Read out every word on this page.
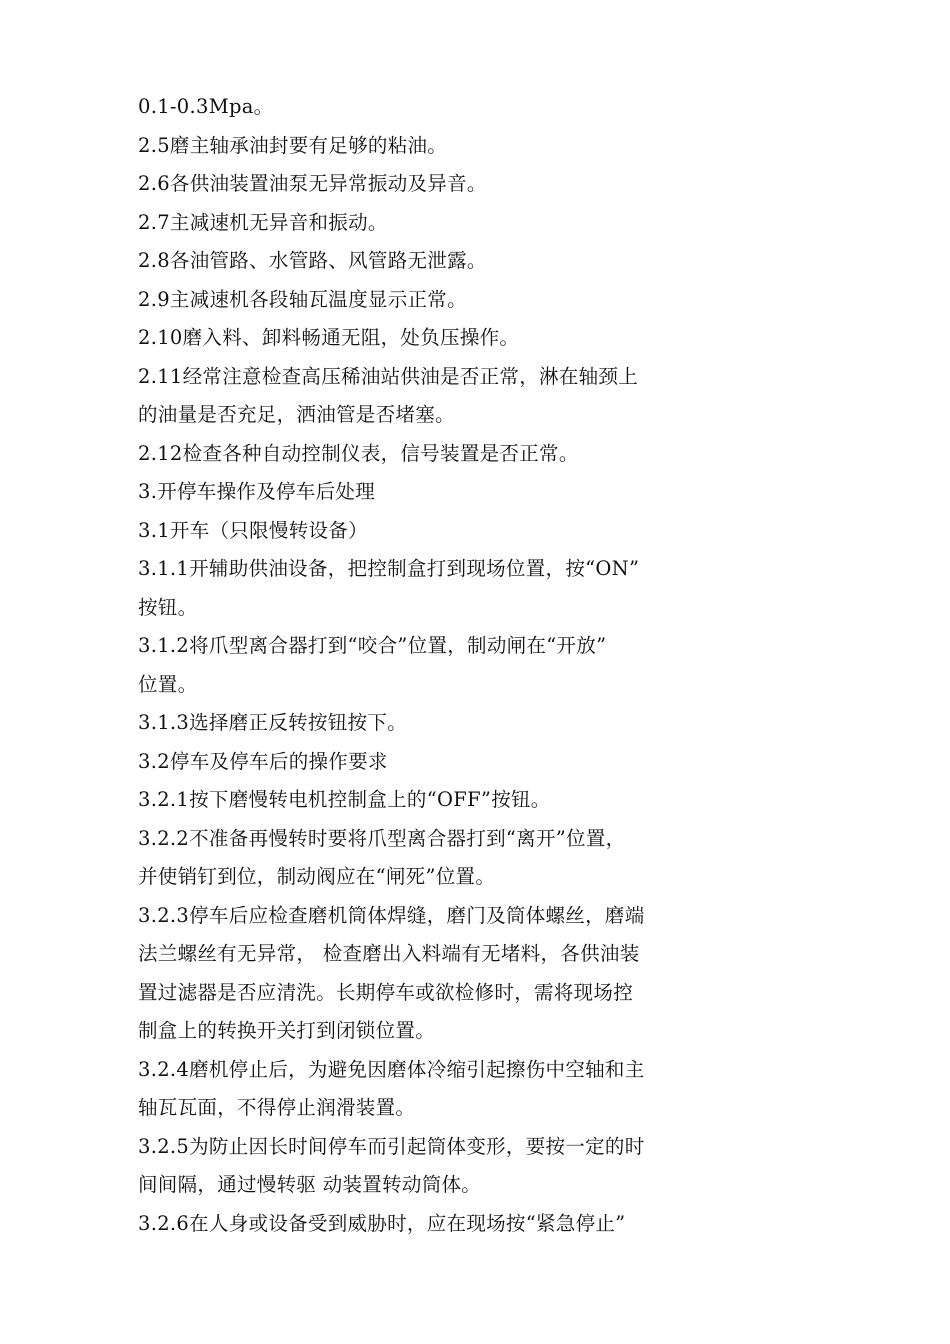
0.1-0.3Mpa。
2.5磨主轴承油封要有足够的粘油。
2.6各供油装置油泵无异常振动及异音。
2.7主减速机无异音和振动。
2.8各油管路、水管路、风管路无泄露。
2.9主减速机各段轴瓦温度显示正常。
2.10磨入料、卸料畅通无阻，处负压操作。
2.11经常注意检查高压稀油站供油是否正常，淋在轴颈上
的油量是否充足，洒油管是否堵塞。
2.12检查各种自动控制仪表，信号装置是否正常。
3.开停车操作及停车后处理
3.1开车（只限慢转设备）
3.1.1开辅助供油设备，把控制盒打到现场位置，按“ON”
按钮。
3.1.2将爪型离合器打到“咬合”位置，制动闸在“开放”
位置。
3.1.3选择磨正反转按钮按下。
3.2停车及停车后的操作要求
3.2.1按下磨慢转电机控制盒上的“OFF”按钮。
3.2.2不准备再慢转时要将爪型离合器打到“离开”位置，
并使销钉到位，制动阀应在“闸死”位置。
3.2.3停车后应检查磨机筒体焊缝，磨门及筒体螺丝，磨端
法兰螺丝有无异常， 检查磨出入料端有无堵料，各供油装
置过滤器是否应清洗。长期停车或欲检修时，需将现场控
制盒上的转换开关打到闭锁位置。
3.2.4磨机停止后，为避免因磨体冷缩引起擦伤中空轴和主
轴瓦瓦面，不得停止润滑装置。
3.2.5为防止因长时间停车而引起筒体变形，要按一定的时
间间隔，通过慢转驱 动装置转动筒体。
3.2.6在人身或设备受到威胁时，应在现场按“紧急停止”
